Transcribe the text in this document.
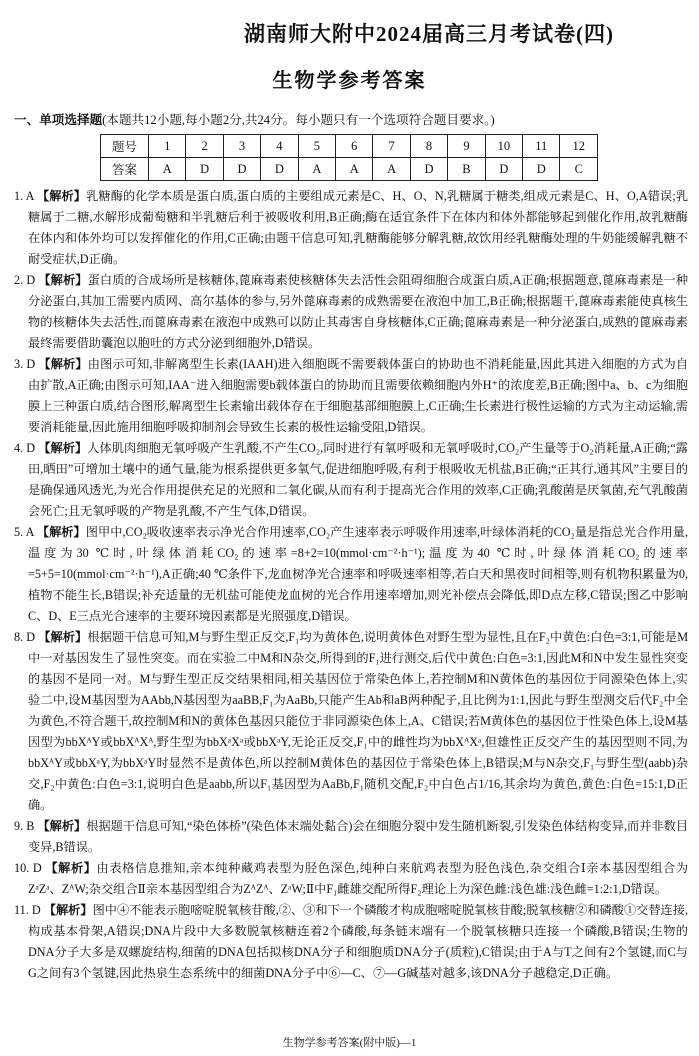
湖南师大附中2024届高三月考试卷(四)
生物学参考答案
一、单项选择题(本题共12小题,每小题2分,共24分。每小题只有一个选项符合题目要求。)
题号	1	2	3	4	5	6	7	8	9	10	11	12
答案	A	D	D	D	A	A	A	D	B	D	D	C

1. A 【解析】乳糖酶的化学本质是蛋白质,蛋白质的主要组成元素是C、H、O、N,乳糖属于糖类,组成元素是C、H、O,A错误;乳糖属于二糖,水解形成葡萄糖和半乳糖后利于被吸收利用,B正确;酶在适宜条件下在体内和体外都能够起到催化作用,故乳糖酶在体内和体外均可以发挥催化的作用,C正确;由题干信息可知,乳糖酶能够分解乳糖,故饮用经乳糖酶处理的牛奶能缓解乳糖不耐受症状,D正确。

2. D 【解析】蛋白质的合成场所是核糖体,蓖麻毒素使核糖体失去活性会阻碍细胞合成蛋白质,A正确;根据题意,蓖麻毒素是一种分泌蛋白,其加工需要内质网、高尔基体的参与,另外蓖麻毒素的成熟需要在液泡中加工,B正确;根据题干,蓖麻毒素能使真核生物的核糖体失去活性,而蓖麻毒素在液泡中成熟可以防止其毒害自身核糖体,C正确;蓖麻毒素是一种分泌蛋白,成熟的蓖麻毒素最终需要借助囊泡以胞吐的方式分泌到细胞外,D错误。

3. D 【解析】由图示可知,非解离型生长素(IAAH)进入细胞既不需要载体蛋白的协助也不消耗能量,因此其进入细胞的方式为自由扩散,A正确;由图示可知,IAA⁻进入细胞需要b载体蛋白的协助而且需要依赖细胞内外H⁺的浓度差,B正确;图中a、b、c为细胞膜上三种蛋白质,结合图形,解离型生长素输出载体存在于细胞基部细胞膜上,C正确;生长素进行极性运输的方式为主动运输,需要消耗能量,因此施用细胞呼吸抑制剂会导致生长素的极性运输受阻,D错误。

4. D 【解析】人体肌肉细胞无氧呼吸产生乳酸,不产生CO₂,同时进行有氧呼吸和无氧呼吸时,CO₂产生量等于O₂消耗量,A正确;“露田,晒田”可增加土壤中的通气量,能为根系提供更多氧气,促进细胞呼吸,有利于根吸收无机盐,B正确;“正其行,通其风”主要目的是确保通风透光,为光合作用提供充足的光照和二氧化碳,从而有利于提高光合作用的效率,C正确;乳酸菌是厌氧菌,充气乳酸菌会死亡;且无氧呼吸的产物是乳酸,不产生气体,D错误。

5. A 【解析】图甲中,CO₂吸收速率表示净光合作用速率,CO₂产生速率表示呼吸作用速率,叶绿体消耗的CO₂量是指总光合作用量,温度为30 ℃时,叶绿体消耗CO₂的速率=8+2=10(mmol·cm⁻²·h⁻¹);温度为40 ℃时,叶绿体消耗CO₂的速率=5+5=10(mmol·cm⁻²·h⁻¹),A正确;40 ℃条件下,龙血树净光合速率和呼吸速率相等,若白天和黑夜时间相等,则有机物积累量为0,植物不能生长,B错误;补充适量的无机盐可能使龙血树的光合作用速率增加,则光补偿点会降低,即D点左移,C错误;图乙中影响C、D、E三点光合速率的主要环境因素都是光照强度,D错误。

8. D 【解析】根据题干信息可知,M与野生型正反交,F₁均为黄体色,说明黄体色对野生型为显性,且在F₂中黄色:白色=3:1,可能是M中一对基因发生了显性突变。而在实验二中M和N杂交,所得到的F₁进行测交,后代中黄色:白色=3:1,因此M和N中发生显性突变的基因不是同一对。M与野生型正反交结果相同,相关基因位于常染色体上,若控制M和N黄体色的基因位于同源染色体上,实验二中,设M基因型为AAbb,N基因型为aaBB,F₁为AaBb,只能产生Ab和aB两种配子,且比例为1:1,因此与野生型测交后代F₂中全为黄色,不符合题干,故控制M和N的黄体色基因只能位于非同源染色体上,A、C错误;若M黄体色的基因位于性染色体上,设M基因型为bbXᴬY或bbXᴬXᴬ,野生型为bbXᵃXᵃ或bbXᵃY,无论正反交,F₁中的雌性均为bbXᴬXᵃ,但雄性正反交产生的基因型则不同,为bbXᴬY或bbXᵃY,为bbXᵃY时显然不是黄体色,所以控制M黄体色的基因位于常染色体上,B错误;M与N杂交,F₁与野生型(aabb)杂交,F₂中黄色:白色=3:1,说明白色是aabb,所以F₁基因型为AaBb,F₁随机交配,F₂中白色占1/16,其余均为黄色,黄色:白色=15:1,D正确。

9. B 【解析】根据题干信息可知,“染色体桥”(染色体末端处黏合)会在细胞分裂中发生随机断裂,引发染色体结构变异,而并非数目变异,B错误。

10. D 【解析】由表格信息推知,亲本纯种藏鸡表型为胫色深色,纯种白来航鸡表型为胫色浅色,杂交组合Ⅰ亲本基因型组合为ZᵃZᵃ、ZᴬW;杂交组合Ⅱ亲本基因型组合为ZᴬZᴬ、ZᵃW;Ⅱ中F₁雌雄交配所得F₂理论上为深色雌:浅色雄:浅色雌=1:2:1,D错误。

11. D 【解析】图中④不能表示胞嘧啶脱氧核苷酸,②、③和下一个磷酸才构成胞嘧啶脱氧核苷酸;脱氧核糖②和磷酸①交替连接,构成基本骨架,A错误;DNA片段中大多数脱氧核糖连着2个磷酸,每条链末端有一个脱氧核糖只连接一个磷酸,B错误;生物的DNA分子大多是双螺旋结构,细菌的DNA包括拟核DNA分子和细胞质DNA分子(质粒),C错误;由于A与T之间有2个氢键,而C与G之间有3个氢键,因此热泉生态系统中的细菌DNA分子中⑥—C、⑦—G碱基对越多,该DNA分子越稳定,D正确。

生物学参考答案(附中版)—1
